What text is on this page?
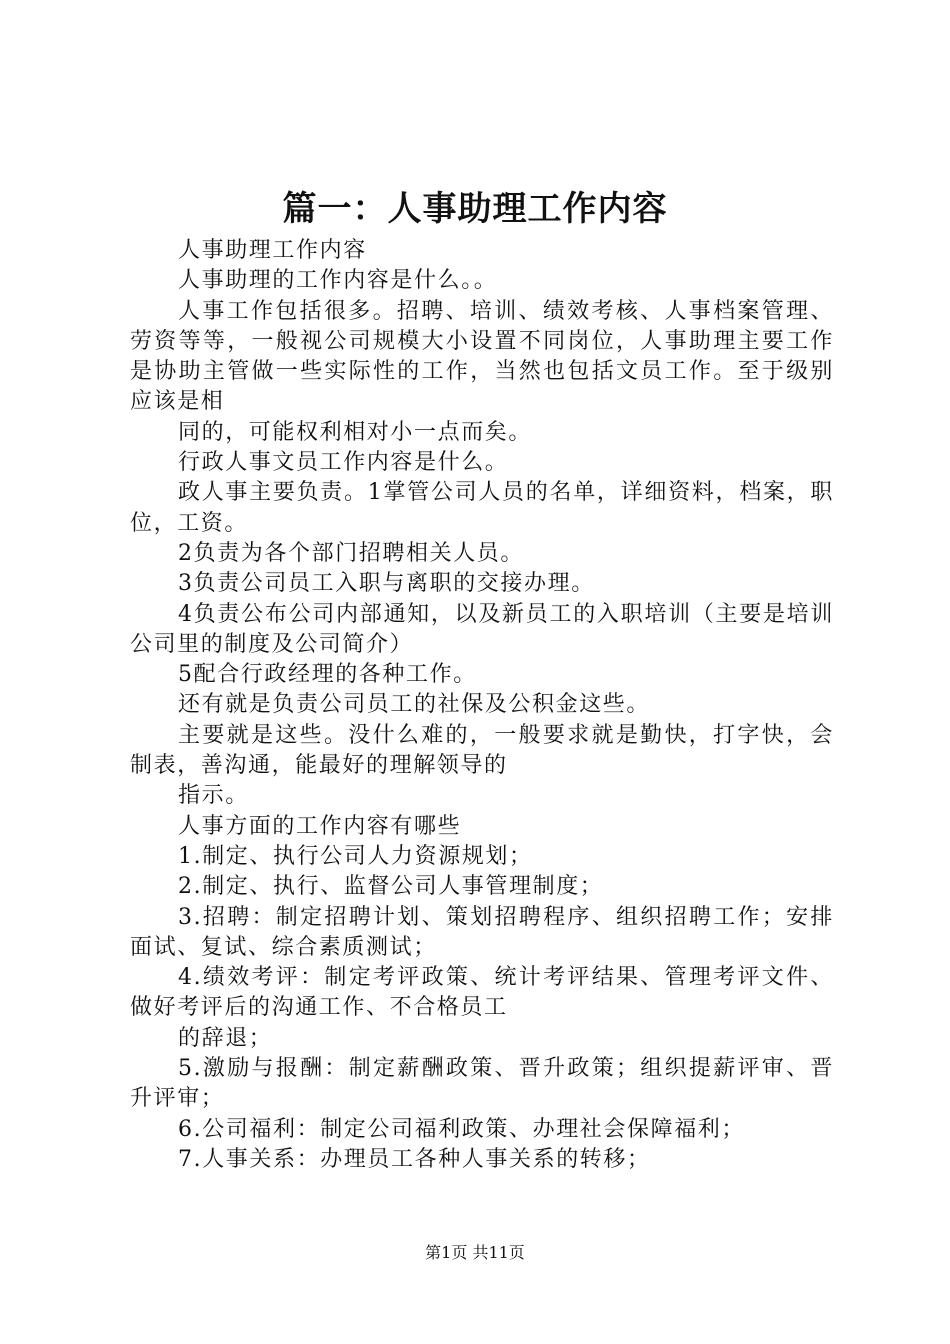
篇一：人事助理工作内容

人事助理工作内容

人事助理的工作内容是什么。。

人事工作包括很多。招聘、培训、绩效考核、人事档案管理、劳资等等，一般视公司规模大小设置不同岗位，人事助理主要工作是协助主管做一些实际性的工作，当然也包括文员工作。至于级别应该是相

同的，可能权利相对小一点而矣。

行政人事文员工作内容是什么。

政人事主要负责。1掌管公司人员的名单，详细资料，档案，职位，工资。

2负责为各个部门招聘相关人员。

3负责公司员工入职与离职的交接办理。

4负责公布公司内部通知，以及新员工的入职培训（主要是培训公司里的制度及公司简介）

5配合行政经理的各种工作。

还有就是负责公司员工的社保及公积金这些。

主要就是这些。没什么难的，一般要求就是勤快，打字快，会制表，善沟通，能最好的理解领导的

指示。

人事方面的工作内容有哪些

1.制定、执行公司人力资源规划；

2.制定、执行、监督公司人事管理制度；

3.招聘：制定招聘计划、策划招聘程序、组织招聘工作；安排面试、复试、综合素质测试；

4.绩效考评：制定考评政策、统计考评结果、管理考评文件、做好考评后的沟通工作、不合格员工

的辞退；

5.激励与报酬：制定薪酬政策、晋升政策；组织提薪评审、晋升评审；

6.公司福利：制定公司福利政策、办理社会保障福利；

7.人事关系：办理员工各种人事关系的转移；

第1页 共11页
